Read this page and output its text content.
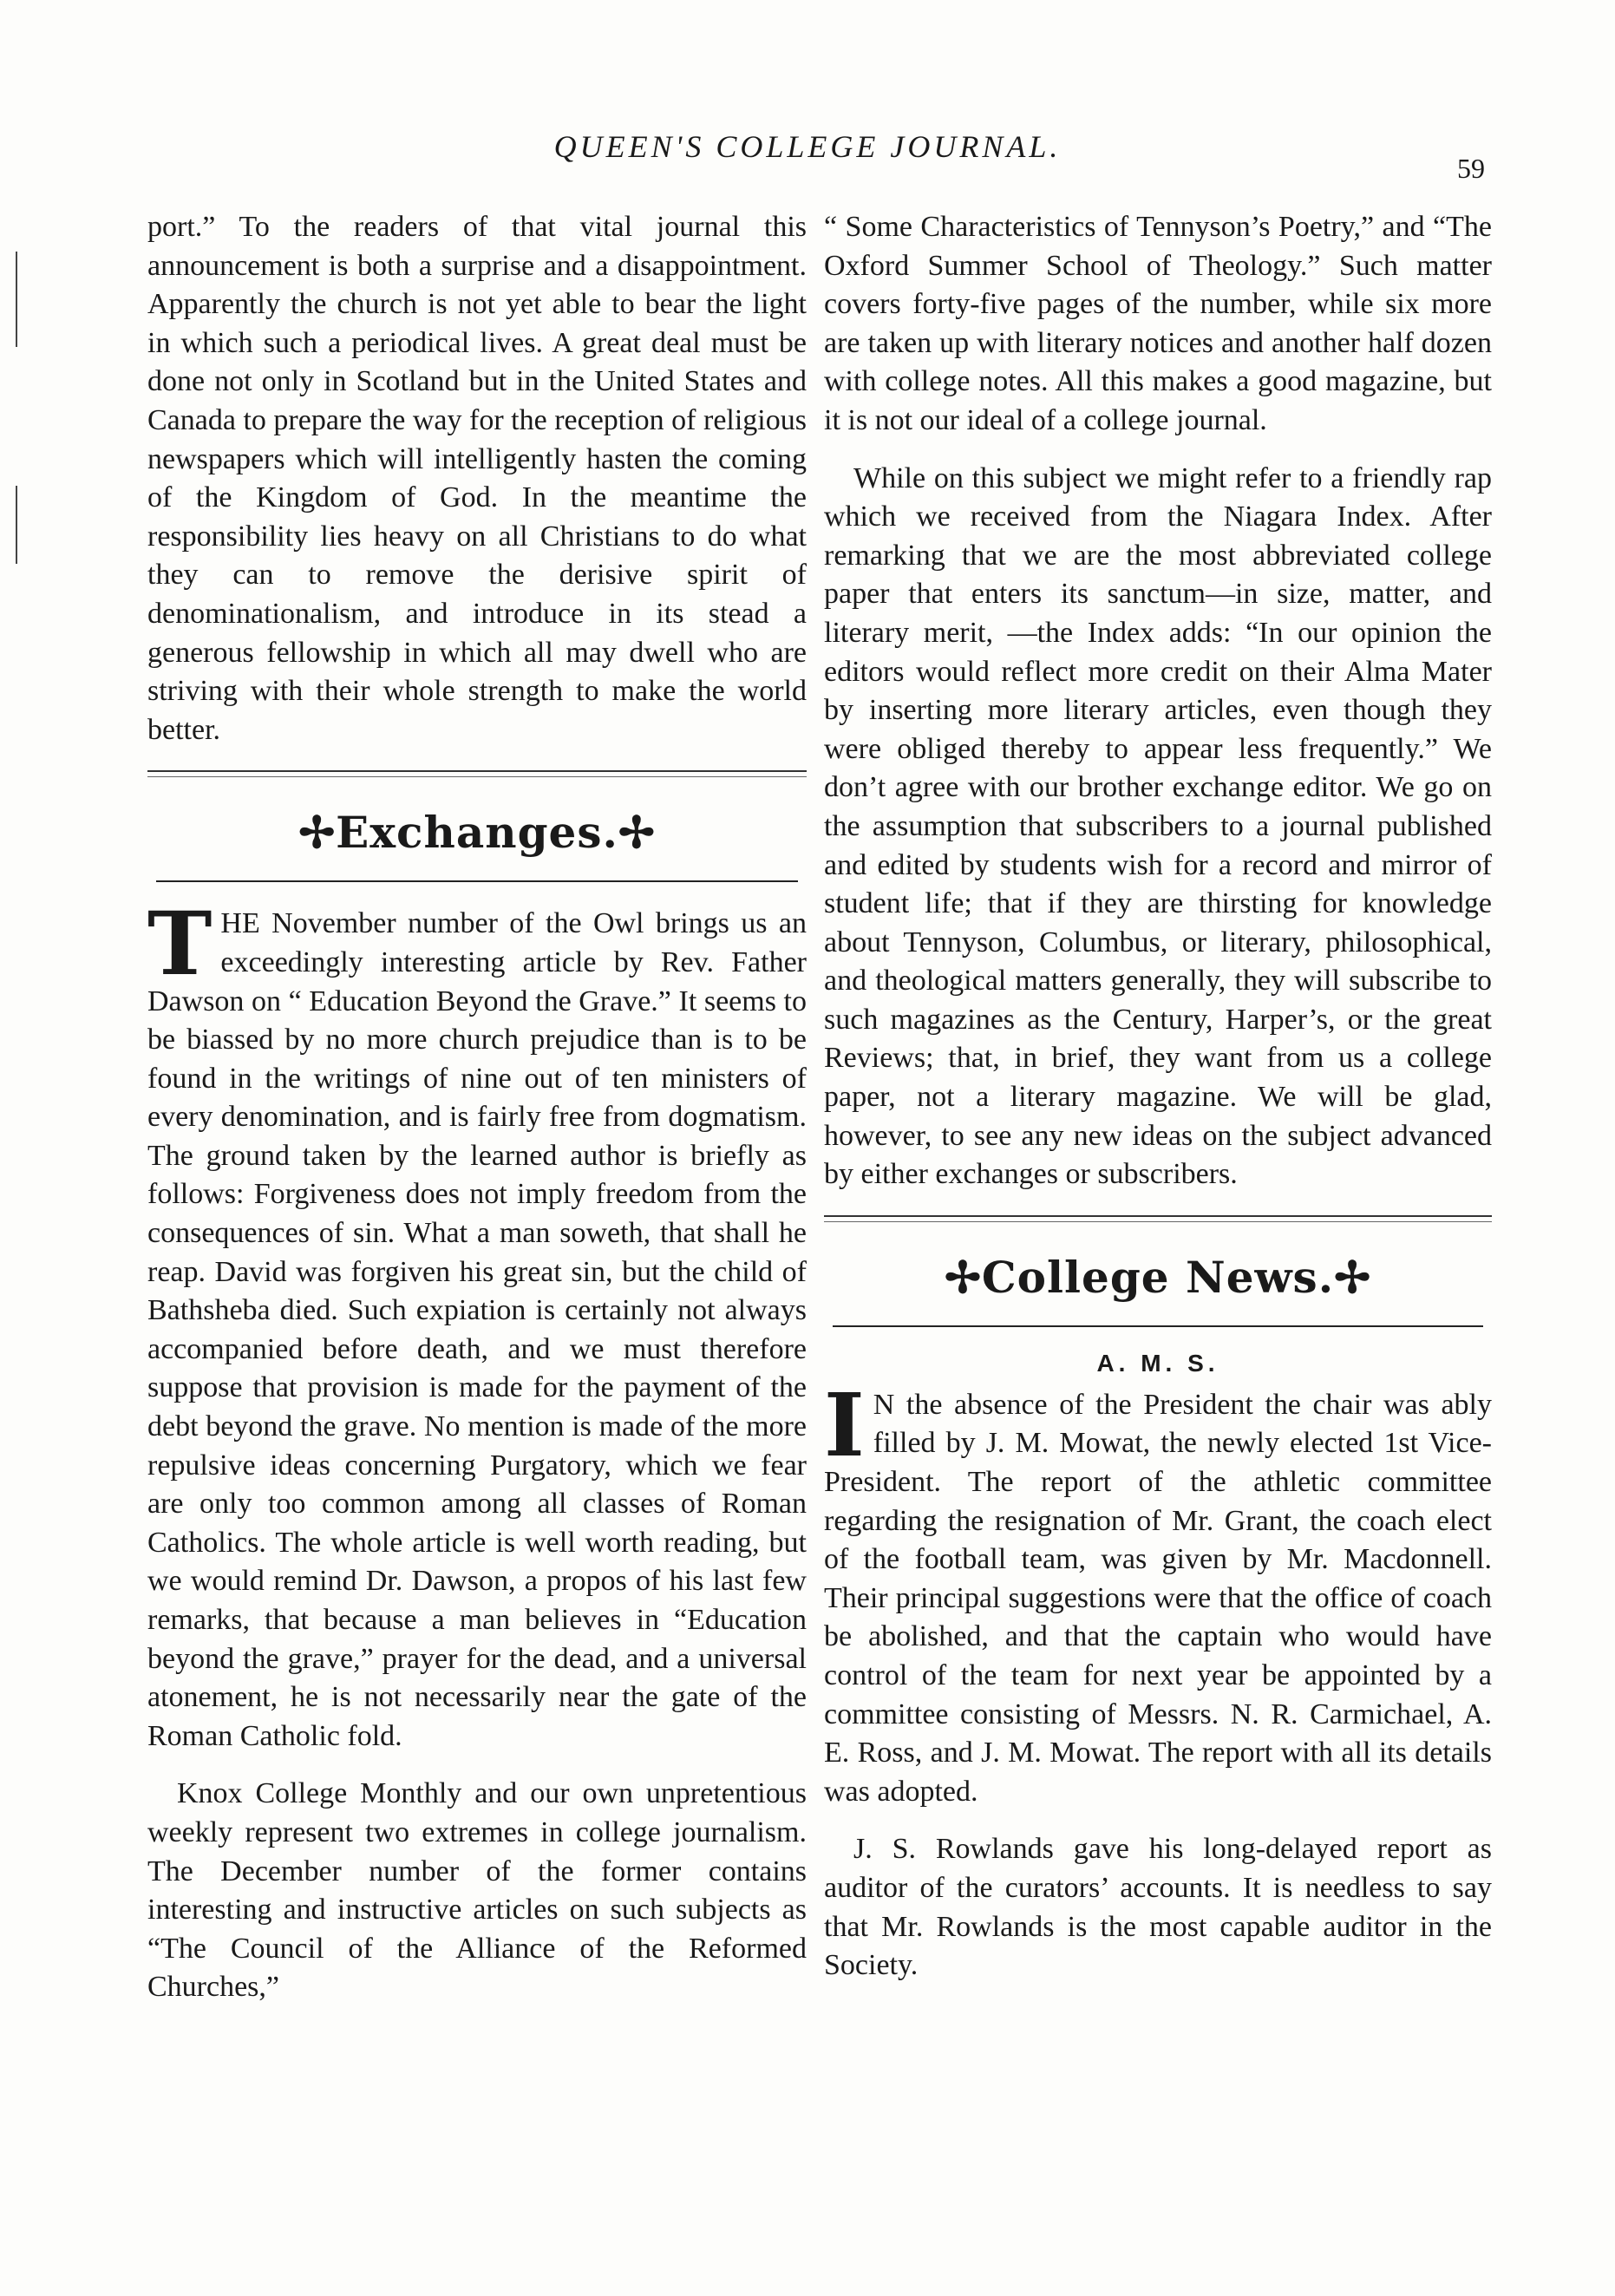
QUEEN'S COLLEGE JOURNAL.
59

port.” To the readers of that vital journal this announcement is both a surprise and a disappointment. Apparently the church is not yet able to bear the light in which such a periodical lives. A great deal must be done not only in Scotland but in the United States and Canada to prepare the way for the reception of religious newspapers which will intelligently hasten the coming of the Kingdom of God. In the meantime the responsibility lies heavy on all Christians to do what they can to remove the derisive spirit of denominationalism, and introduce in its stead a generous fellowship in which all may dwell who are striving with their whole strength to make the world better.

✢Exchanges.✢

THE November number of the Owl brings us an exceedingly interesting article by Rev. Father Dawson on “ Education Beyond the Grave.” It seems to be biassed by no more church prejudice than is to be found in the writings of nine out of ten ministers of every denomination, and is fairly free from dogmatism. The ground taken by the learned author is briefly as follows: Forgiveness does not imply freedom from the consequences of sin. What a man soweth, that shall he reap. David was forgiven his great sin, but the child of Bathsheba died. Such expiation is certainly not always accompanied before death, and we must therefore suppose that provision is made for the payment of the debt beyond the grave. No mention is made of the more repulsive ideas concerning Purgatory, which we fear are only too common among all classes of Roman Catholics. The whole article is well worth reading, but we would remind Dr. Dawson, a propos of his last few remarks, that because a man believes in “Education beyond the grave,” prayer for the dead, and a universal atonement, he is not necessarily near the gate of the Roman Catholic fold.

Knox College Monthly and our own unpretentious weekly represent two extremes in college journalism. The December number of the former contains interesting and instructive articles on such subjects as “The Council of the Alliance of the Reformed Churches,”

“ Some Characteristics of Tennyson’s Poetry,” and “The Oxford Summer School of Theology.” Such matter covers forty-five pages of the number, while six more are taken up with literary notices and another half dozen with college notes. All this makes a good magazine, but it is not our ideal of a college journal.

While on this subject we might refer to a friendly rap which we received from the Niagara Index. After remarking that we are the most abbreviated college paper that enters its sanctum—in size, matter, and literary merit, —the Index adds: “In our opinion the editors would reflect more credit on their Alma Mater by inserting more literary articles, even though they were obliged thereby to appear less frequently.” We don’t agree with our brother exchange editor. We go on the assumption that subscribers to a journal published and edited by students wish for a record and mirror of student life; that if they are thirsting for knowledge about Tennyson, Columbus, or literary, philosophical, and theological matters generally, they will subscribe to such magazines as the Century, Harper’s, or the great Reviews; that, in brief, they want from us a college paper, not a literary magazine. We will be glad, however, to see any new ideas on the subject advanced by either exchanges or subscribers.

✢College News.✢
A. M. S.

I N the absence of the President the chair was ably filled by J. M. Mowat, the newly elected 1st Vice-President. The report of the athletic committee regarding the resignation of Mr. Grant, the coach elect of the football team, was given by Mr. Macdonnell. Their principal suggestions were that the office of coach be abolished, and that the captain who would have control of the team for next year be appointed by a committee consisting of Messrs. N. R. Carmichael, A. E. Ross, and J. M. Mowat. The report with all its details was adopted.

J. S. Rowlands gave his long-delayed report as auditor of the curators’ accounts. It is needless to say that Mr. Rowlands is the most capable auditor in the Society.
